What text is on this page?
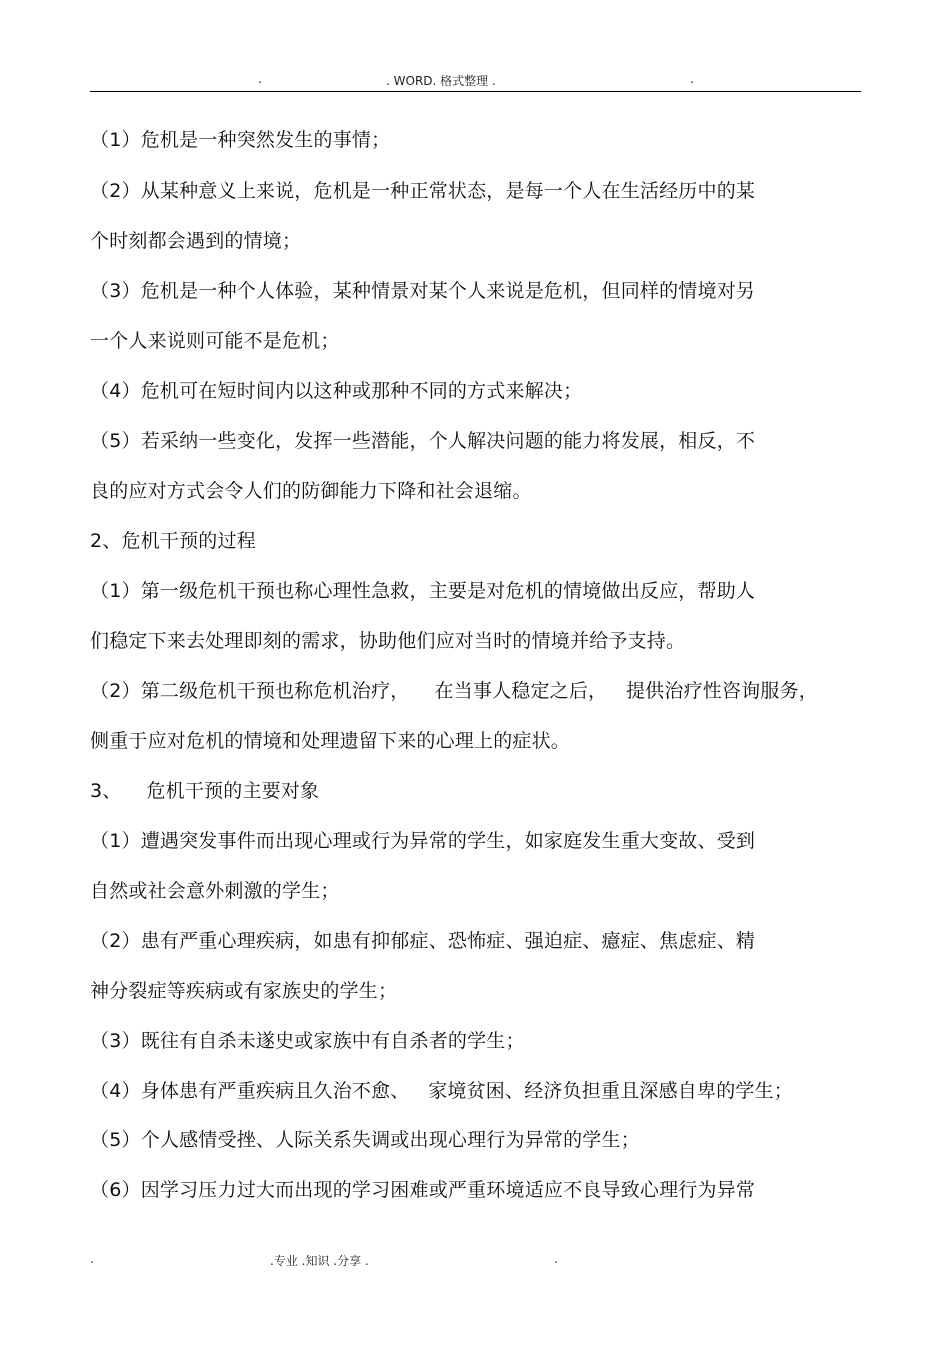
.	. WORD. 格式整理 .	.
（1）危机是一种突然发生的事情；
（2）从某种意义上来说，危机是一种正常状态，是每一个人在生活经历中的某
个时刻都会遇到的情境；
（3）危机是一种个人体验，某种情景对某个人来说是危机，但同样的情境对另
一个人来说则可能不是危机；
（4）危机可在短时间内以这种或那种不同的方式来解决；
（5）若采纳一些变化，发挥一些潜能，个人解决问题的能力将发展，相反，不
良的应对方式会令人们的防御能力下降和社会退缩。
2、危机干预的过程
（1）第一级危机干预也称心理性急救，主要是对危机的情境做出反应，帮助人
们稳定下来去处理即刻的需求，协助他们应对当时的情境并给予支持。
（2）第二级危机干预也称危机治疗，    在当事人稳定之后，   提供治疗性咨询服务，
侧重于应对危机的情境和处理遗留下来的心理上的症状。
3、    危机干预的主要对象
（1）遭遇突发事件而出现心理或行为异常的学生，如家庭发生重大变故、受到
自然或社会意外刺激的学生；
（2）患有严重心理疾病，如患有抑郁症、恐怖症、强迫症、癔症、焦虑症、精
神分裂症等疾病或有家族史的学生；
（3）既往有自杀未遂史或家族中有自杀者的学生；
（4）身体患有严重疾病且久治不愈、   家境贫困、经济负担重且深感自卑的学生；
（5）个人感情受挫、人际关系失调或出现心理行为异常的学生；
（6）因学习压力过大而出现的学习困难或严重环境适应不良导致心理行为异常
.	.专业 .知识 .分享 .	.
